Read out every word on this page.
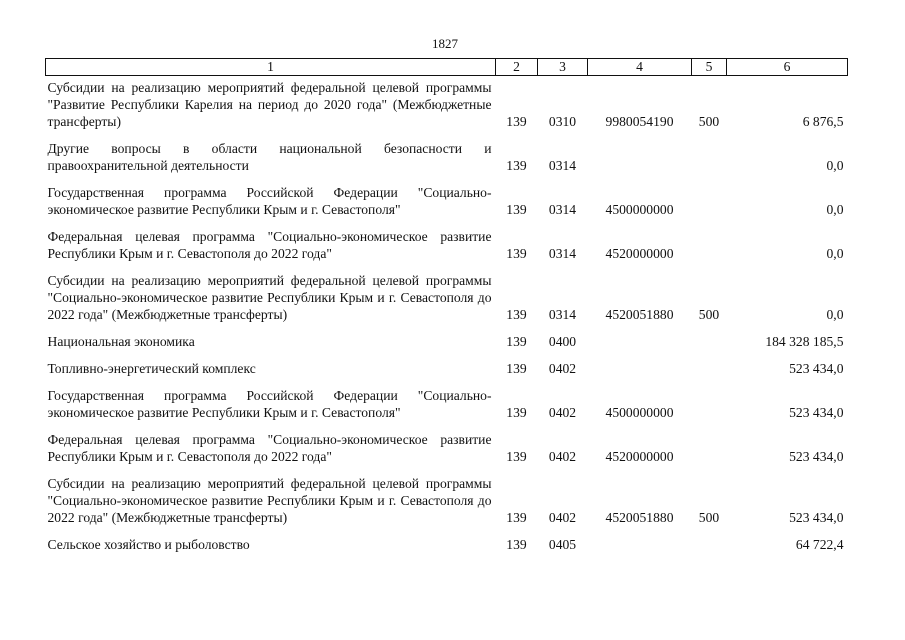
1827
1	2	3	4	5	6
Субсидии на реализацию мероприятий федеральной целевой программы "Развитие Республики Карелия на период до 2020 года" (Межбюджетные трансферты)	139	0310	9980054190	500	6 876,5
Другие вопросы в области национальной безопасности и правоохранительной деятельности	139	0314			0,0
Государственная программа Российской Федерации "Социально-экономическое развитие Республики Крым и г. Севастополя"	139	0314	4500000000		0,0
Федеральная целевая программа "Социально-экономическое развитие Республики Крым и г. Севастополя до 2022 года"	139	0314	4520000000		0,0
Субсидии на реализацию мероприятий федеральной целевой программы "Социально-экономическое развитие Республики Крым и г. Севастополя до 2022 года" (Межбюджетные трансферты)	139	0314	4520051880	500	0,0
Национальная экономика	139	0400			184 328 185,5
Топливно-энергетический комплекс	139	0402			523 434,0
Государственная программа Российской Федерации "Социально-экономическое развитие Республики Крым и г. Севастополя"	139	0402	4500000000		523 434,0
Федеральная целевая программа "Социально-экономическое развитие Республики Крым и г. Севастополя до 2022 года"	139	0402	4520000000		523 434,0
Субсидии на реализацию мероприятий федеральной целевой программы "Социально-экономическое развитие Республики Крым и г. Севастополя до 2022 года" (Межбюджетные трансферты)	139	0402	4520051880	500	523 434,0
Сельское хозяйство и рыболовство	139	0405			64 722,4
